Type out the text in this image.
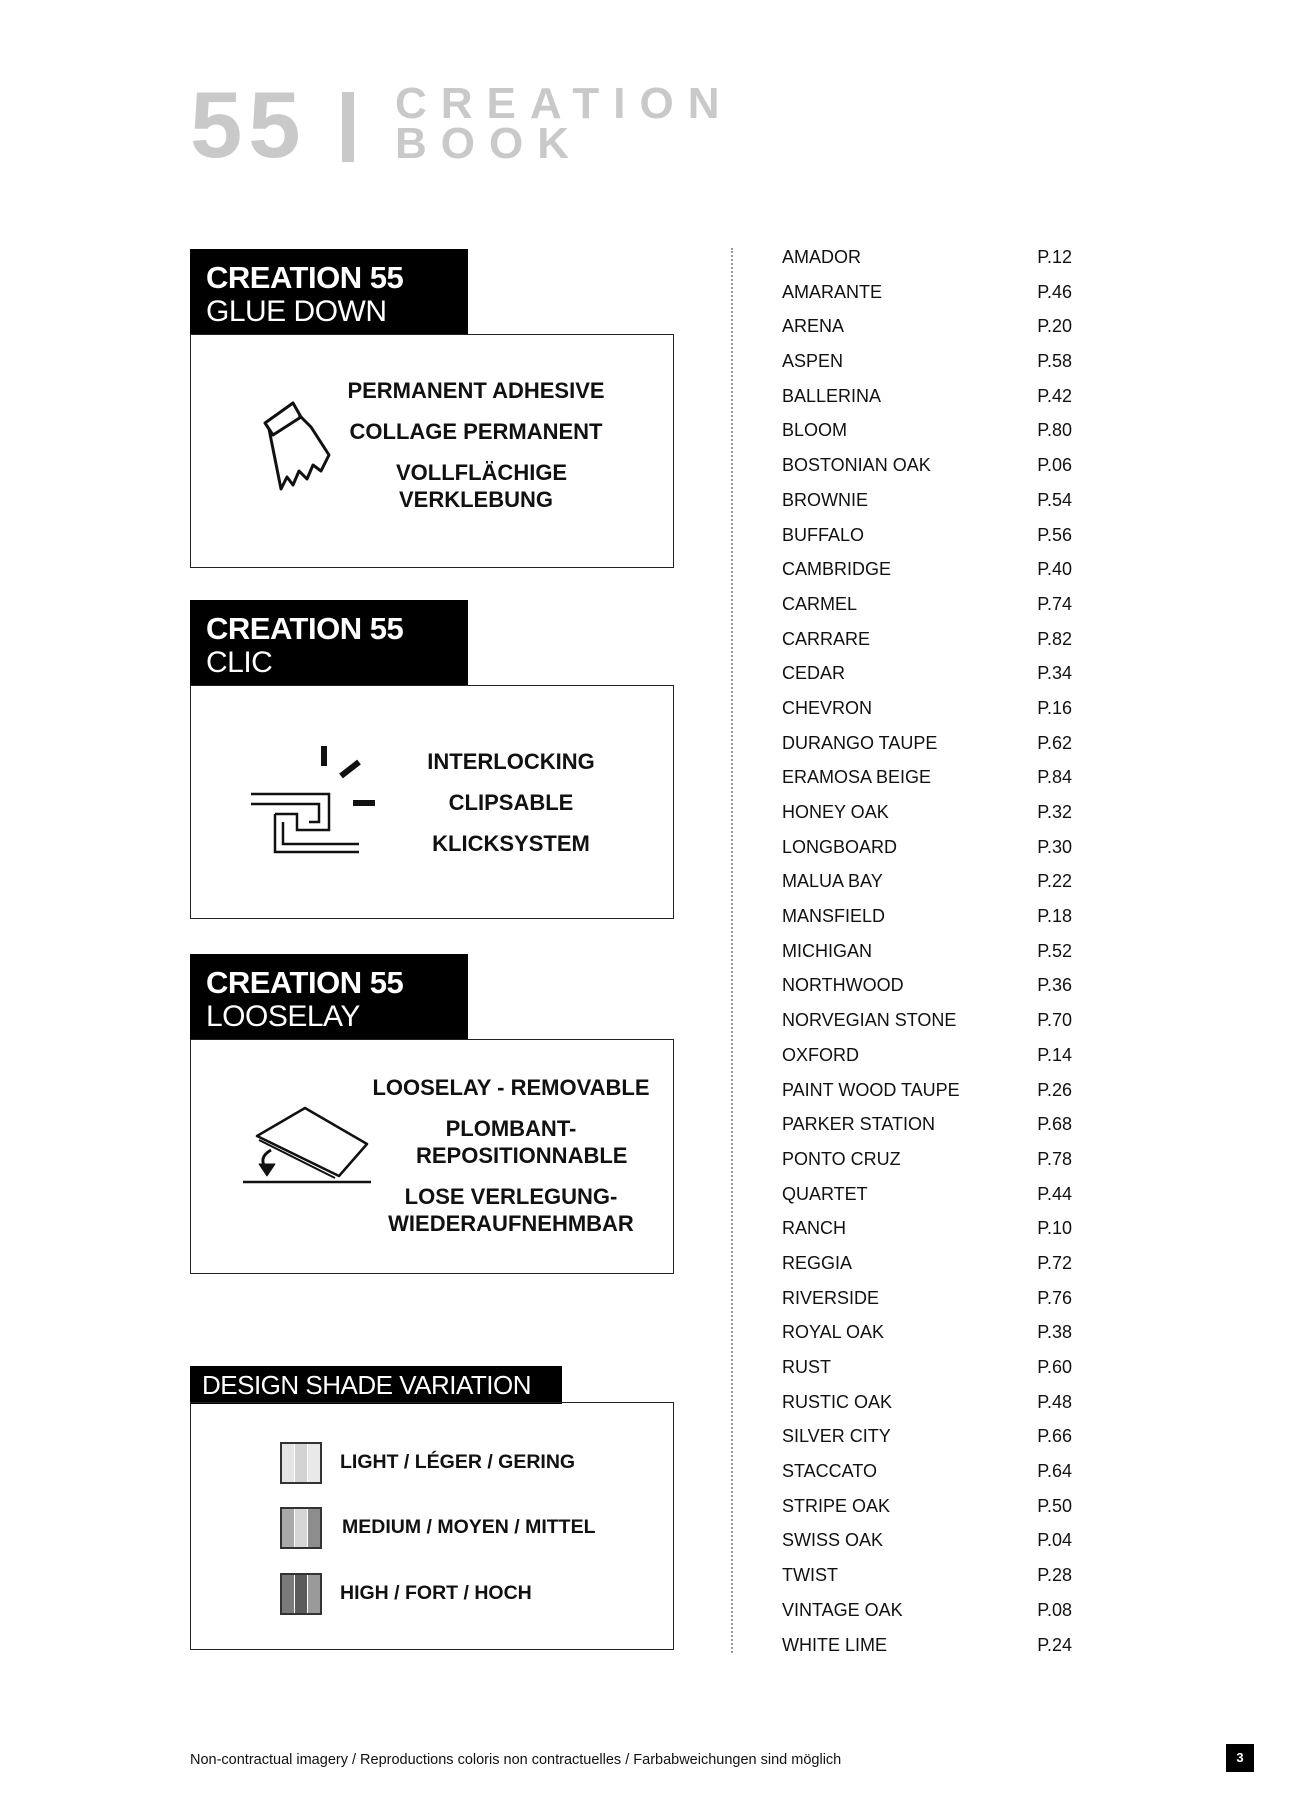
55 CREATION
BOOK
CREATION 55
GLUE DOWN
PERMANENT ADHESIVE
COLLAGE PERMANENT
VOLLFLÄCHIGE VERKLEBUNG
CREATION 55
CLIC
INTERLOCKING
CLIPSABLE
KLICKSYSTEM
CREATION 55
LOOSELAY
LOOSELAY - REMOVABLE
PLOMBANT- REPOSITIONNABLE
LOSE VERLEGUNG- WIEDERAUFNEHMBAR
DESIGN SHADE VARIATION
LIGHT / LÉGER / GERING
MEDIUM / MOYEN / MITTEL
HIGH / FORT / HOCH
AMADOR	P.12
AMARANTE	P.46
ARENA	P.20
ASPEN	P.58
BALLERINA	P.42
BLOOM	P.80
BOSTONIAN OAK	P.06
BROWNIE	P.54
BUFFALO	P.56
CAMBRIDGE	P.40
CARMEL	P.74
CARRARE	P.82
CEDAR	P.34
CHEVRON	P.16
DURANGO TAUPE	P.62
ERAMOSA BEIGE	P.84
HONEY OAK	P.32
LONGBOARD	P.30
MALUA BAY	P.22
MANSFIELD	P.18
MICHIGAN	P.52
NORTHWOOD	P.36
NORVEGIAN STONE	P.70
OXFORD	P.14
PAINT WOOD TAUPE	P.26
PARKER STATION	P.68
PONTO CRUZ	P.78
QUARTET	P.44
RANCH	P.10
REGGIA	P.72
RIVERSIDE	P.76
ROYAL OAK	P.38
RUST	P.60
RUSTIC OAK	P.48
SILVER CITY	P.66
STACCATO	P.64
STRIPE OAK	P.50
SWISS OAK	P.04
TWIST	P.28
VINTAGE OAK	P.08
WHITE LIME	P.24
Non-contractual imagery / Reproductions coloris non contractuelles / Farbabweichungen sind möglich	3
